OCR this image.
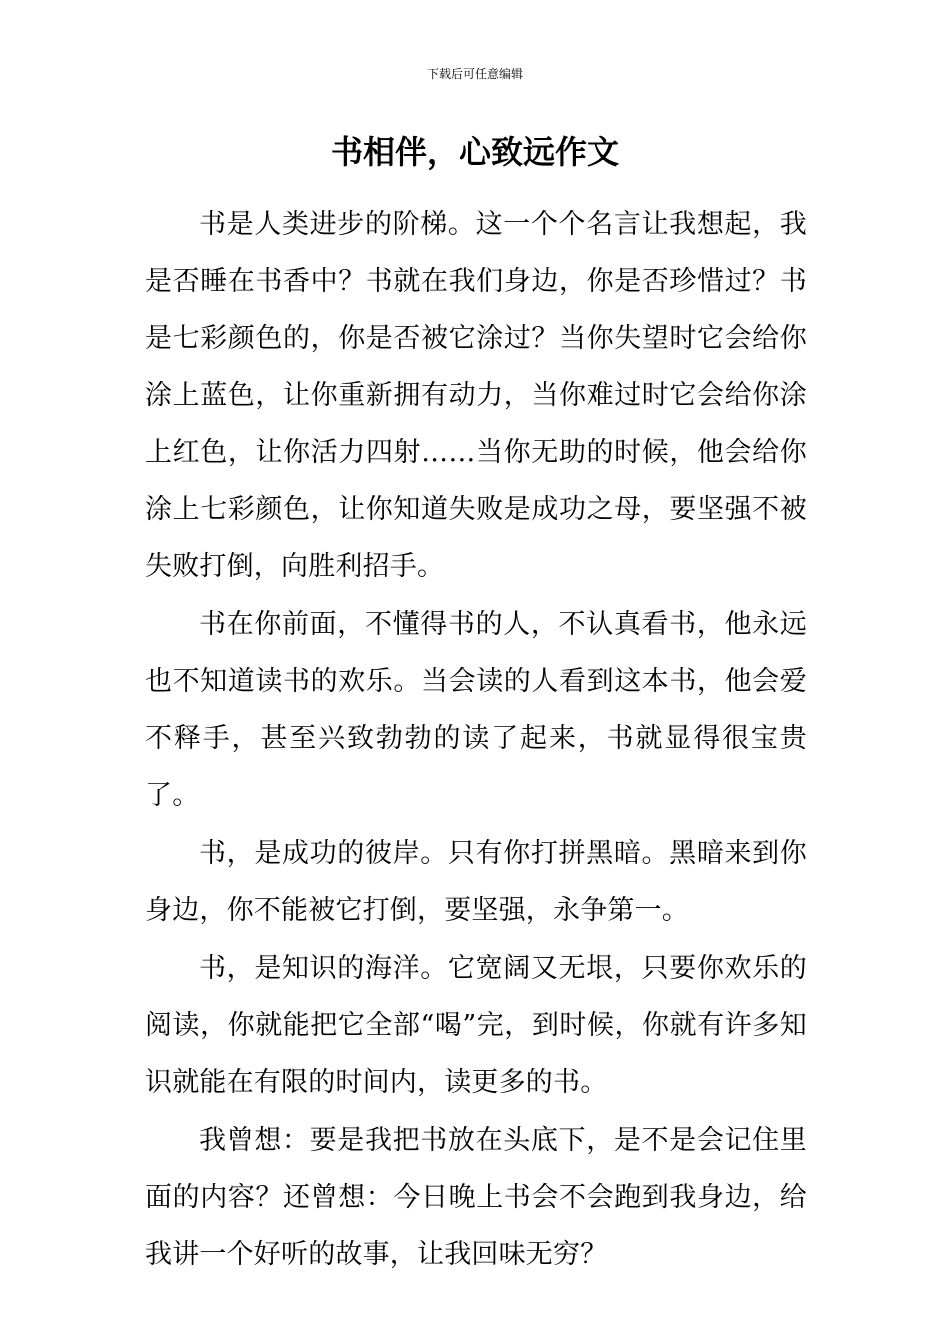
下载后可任意编辑
书相伴，心致远作文

书是人类进步的阶梯。这一个个名言让我想起，我是否睡在书香中？书就在我们身边，你是否珍惜过？书是七彩颜色的，你是否被它涂过？当你失望时它会给你涂上蓝色，让你重新拥有动力，当你难过时它会给你涂上红色，让你活力四射……当你无助的时候，他会给你涂上七彩颜色，让你知道失败是成功之母，要坚强不被失败打倒，向胜利招手。

书在你前面，不懂得书的人，不认真看书，他永远也不知道读书的欢乐。当会读的人看到这本书，他会爱不释手，甚至兴致勃勃的读了起来，书就显得很宝贵了。

书，是成功的彼岸。只有你打拼黑暗。黑暗来到你身边，你不能被它打倒，要坚强，永争第一。

书，是知识的海洋。它宽阔又无垠，只要你欢乐的阅读，你就能把它全部“喝”完，到时候，你就有许多知识就能在有限的时间内，读更多的书。

我曾想：要是我把书放在头底下，是不是会记住里面的内容？还曾想：今日晚上书会不会跑到我身边，给我讲一个好听的故事，让我回味无穷？
